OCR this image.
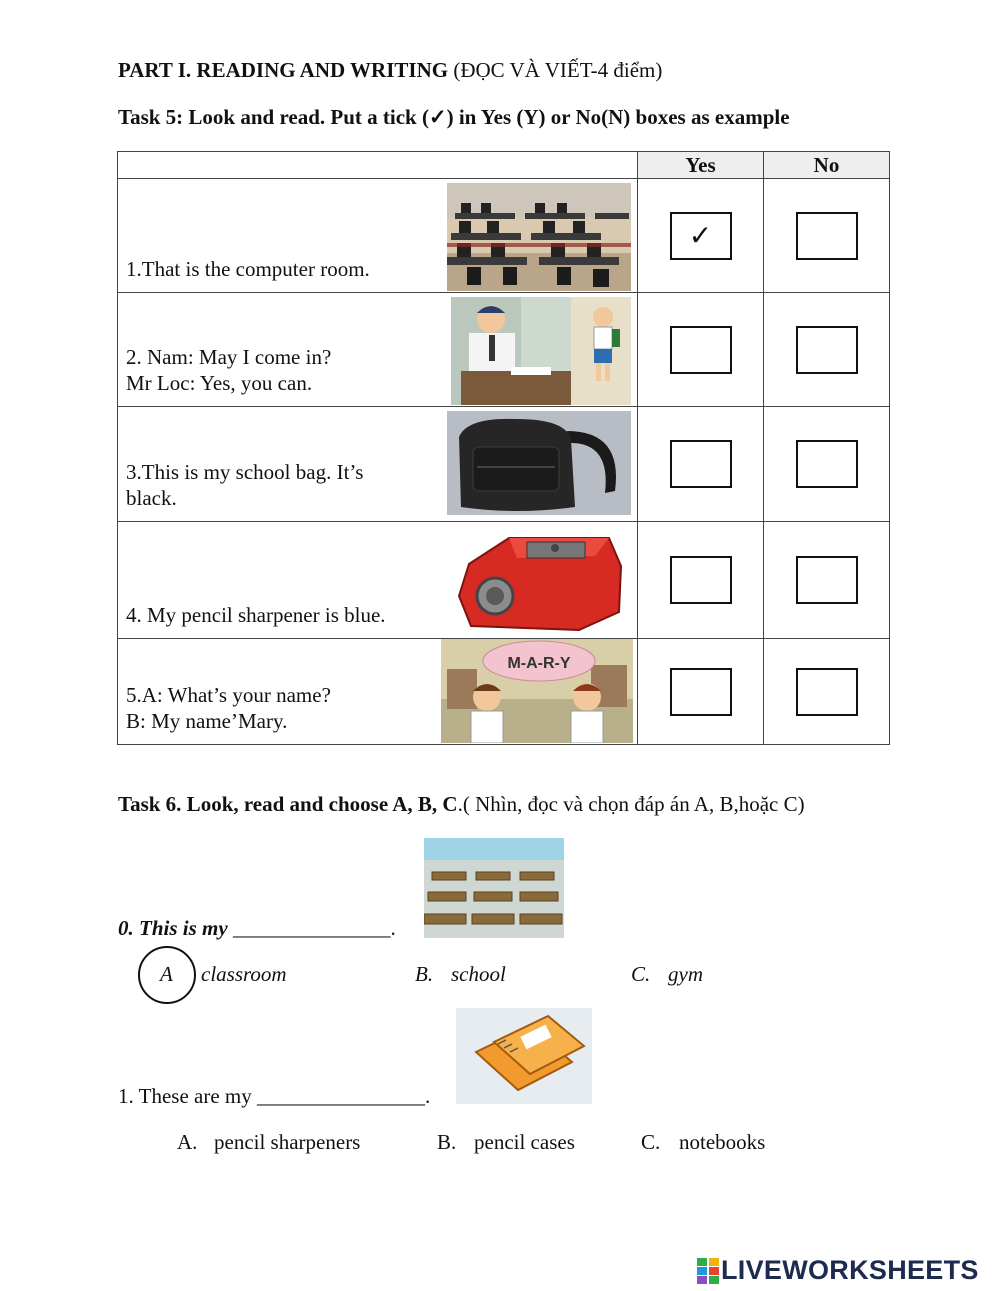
PART I. READING AND WRITING (ĐỌC VÀ VIẾT-4 điểm)
Task 5: Look and read. Put a tick (✓) in Yes (Y) or No(N) boxes as example
	Yes	No

1.That is the computer room.	✓	

2. Nam: May I come in?
Mr Loc: Yes, you can.		

3.This is my school bag. It’s
black.		

4. My pencil sharpener is blue.		

5.A: What’s your name?
B: My name’Mary.
M-A-R-Y		

Task 6. Look, read and choose A, B, C.( Nhìn, đọc và chọn đáp án A, B,hoặc C)
0. This is my _______________.
A classroom	B. school	C. gym
1. These are my ________________.
A. pencil sharpeners	B. pencil cases	C. notebooks
LIVEWORKSHEETS
